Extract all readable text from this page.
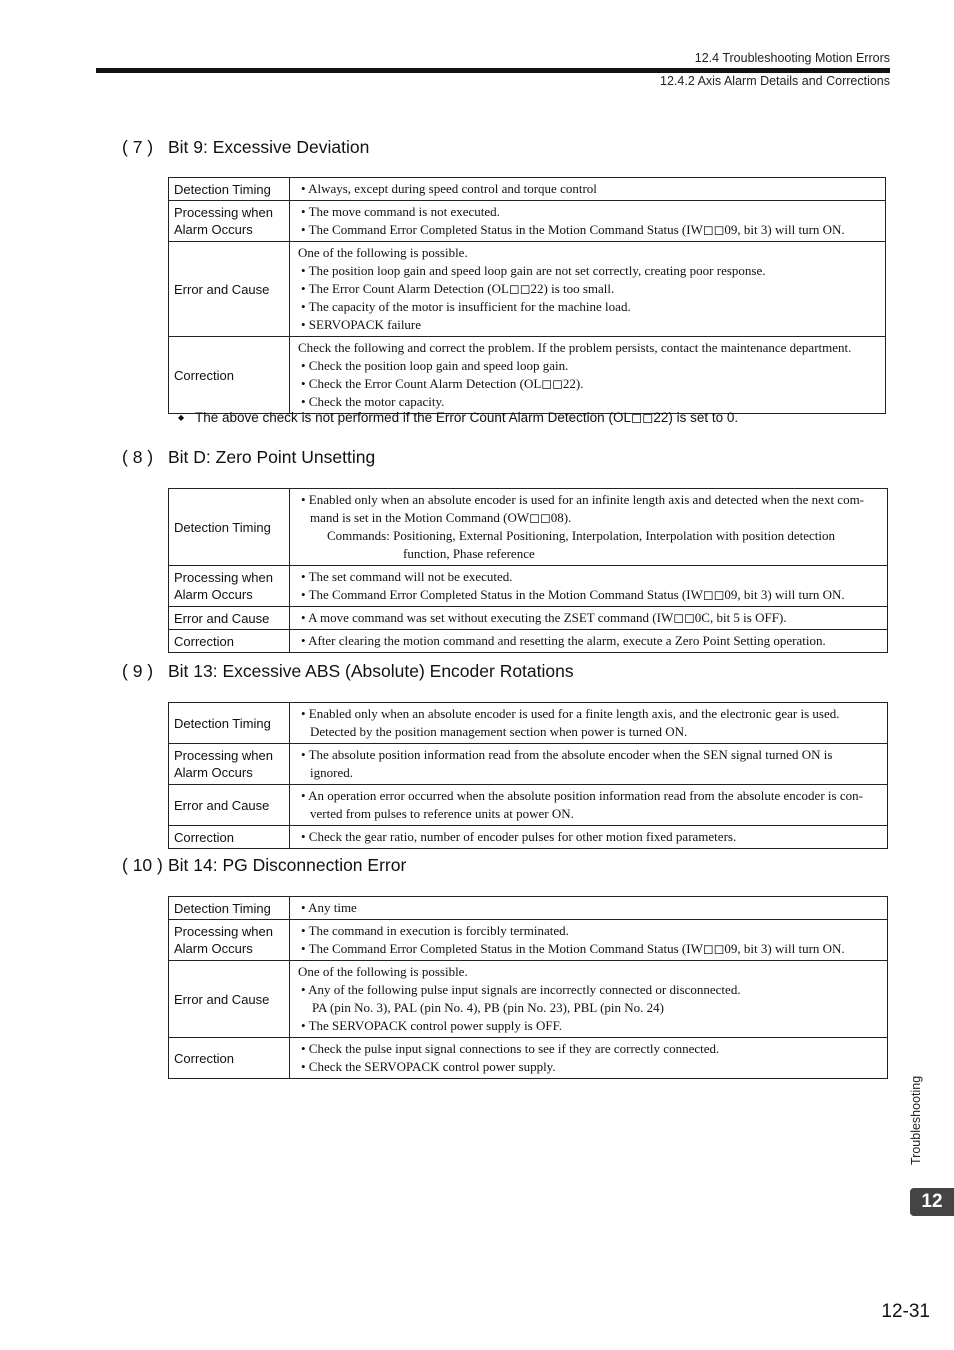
12.4 Troubleshooting Motion Errors
12.4.2 Axis Alarm Details and Corrections
( 7 ) Bit 9: Excessive Deviation
Detection Timing	• Always, except during speed control and torque control

Processing when Alarm Occurs	• The move command is not executed.
• The Command Error Completed Status in the Motion Command Status (IW◻◻09, bit 3) will turn ON.

Error and Cause	One of the following is possible.
• The position loop gain and speed loop gain are not set correctly, creating poor response.
• The Error Count Alarm Detection (OL◻◻22) is too small.
• The capacity of the motor is insufficient for the machine load.
• SERVOPACK failure

Correction	Check the following and correct the problem. If the problem persists, contact the maintenance department.
• Check the position loop gain and speed loop gain.
• Check the Error Count Alarm Detection (OL◻◻22).
• Check the motor capacity.
◆ The above check is not performed if the Error Count Alarm Detection (OL◻◻22) is set to 0.
( 8 ) Bit D: Zero Point Unsetting
Detection Timing	• Enabled only when an absolute encoder is used for an infinite length axis and detected when the next com-
mand is set in the Motion Command (OW◻◻08).
Commands: Positioning, External Positioning, Interpolation, Interpolation with position detection
function, Phase reference

Processing when Alarm Occurs	• The set command will not be executed.
• The Command Error Completed Status in the Motion Command Status (IW◻◻09, bit 3) will turn ON.

Error and Cause	• A move command was set without executing the ZSET command (IW◻◻0C, bit 5 is OFF).

Correction	• After clearing the motion command and resetting the alarm, execute a Zero Point Setting operation.
( 9 ) Bit 13: Excessive ABS (Absolute) Encoder Rotations
Detection Timing	• Enabled only when an absolute encoder is used for a finite length axis, and the electronic gear is used.
Detected by the position management section when power is turned ON.

Processing when Alarm Occurs	• The absolute position information read from the absolute encoder when the SEN signal turned ON is
ignored.

Error and Cause	• An operation error occurred when the absolute position information read from the absolute encoder is con-
verted from pulses to reference units at power ON.

Correction	• Check the gear ratio, number of encoder pulses for other motion fixed parameters.
( 10 ) Bit 14: PG Disconnection Error
Detection Timing	• Any time

Processing when Alarm Occurs	• The command in execution is forcibly terminated.
• The Command Error Completed Status in the Motion Command Status (IW◻◻09, bit 3) will turn ON.

Error and Cause	One of the following is possible.
• Any of the following pulse input signals are incorrectly connected or disconnected.
PA (pin No. 3), PAL (pin No. 4), PB (pin No. 23), PBL (pin No. 24)
• The SERVOPACK control power supply is OFF.

Correction	• Check the pulse input signal connections to see if they are correctly connected.
• Check the SERVOPACK control power supply.
Troubleshooting
12
12-31
